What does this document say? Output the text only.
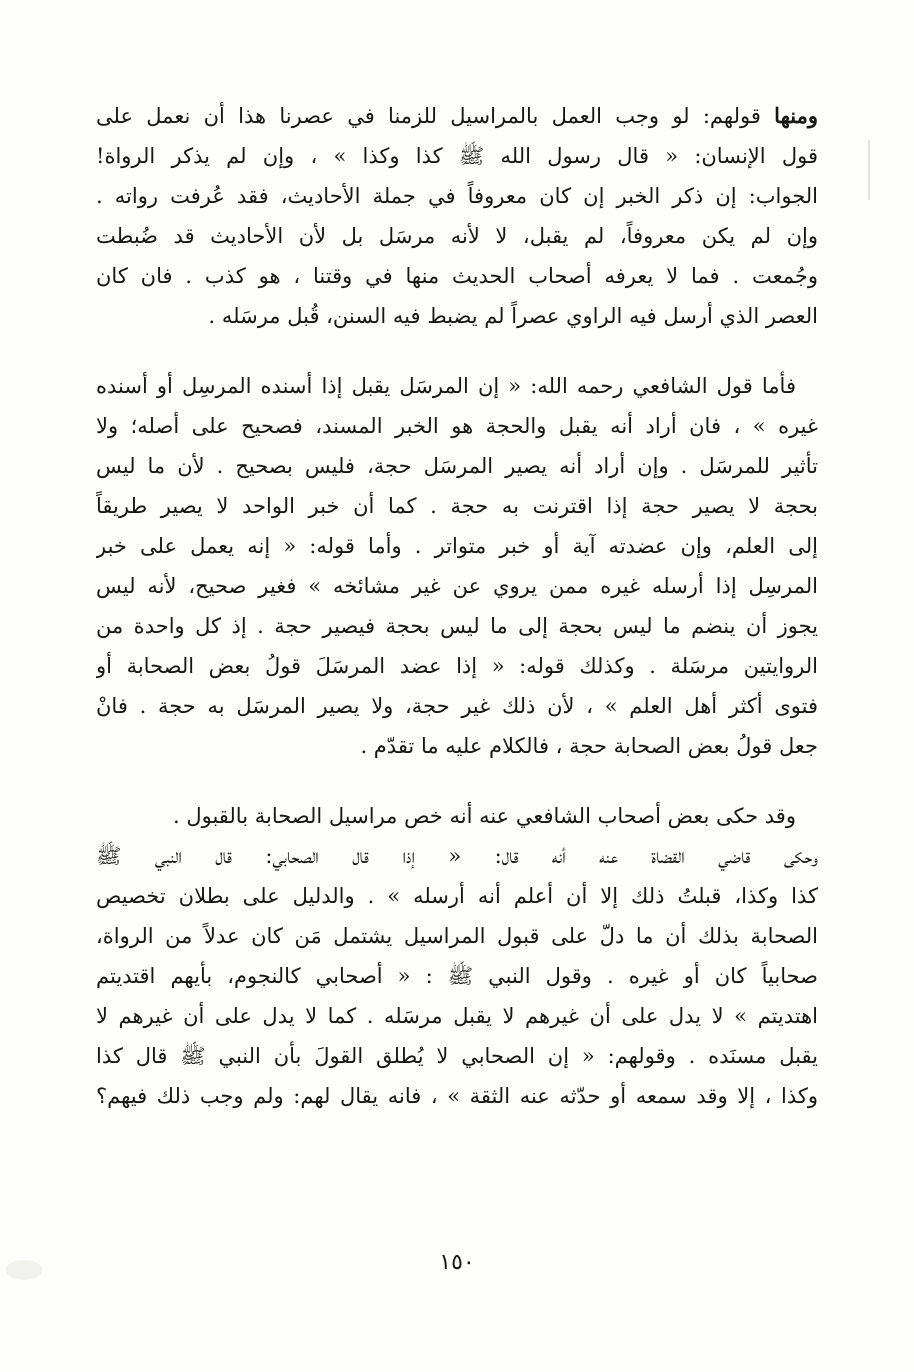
ومنها قولهم: لو وجب العمل بالمراسيل للزمنا في عصرنا هذا أن نعمل على
قول الإنسان: « قال رسول الله ﷺ كذا وكذا » ، وإن لم يذكر الرواة!
الجواب: إن ذكر الخبر إن كان معروفاً في جملة الأحاديث، فقد عُرفت رواته .
وإن لم يكن معروفاً، لم يقبل، لا لأنه مرسَل بل لأن الأحاديث قد ضُبطت
وجُمعت . فما لا يعرفه أصحاب الحديث منها في وقتنا ، هو كذب . فان كان
العصر الذي أرسل فيه الراوي عصراً لم يضبط فيه السنن، قُبل مرسَله .
فأما قول الشافعي رحمه الله: « إن المرسَل يقبل إذا أسنده المرسِل أو أسنده
غيره » ، فان أراد أنه يقبل والحجة هو الخبر المسند، فصحيح على أصله؛ ولا
تأثير للمرسَل . وإن أراد أنه يصير المرسَل حجة، فليس بصحيح . لأن ما ليس
بحجة لا يصير حجة إذا اقترنت به حجة . كما أن خبر الواحد لا يصير طريقاً
إلى العلم، وإن عضدته آية أو خبر متواتر . وأما قوله: « إنه يعمل على خبر
المرسِل إذا أرسله غيره ممن يروي عن غير مشائخه » فغير صحيح، لأنه ليس
يجوز أن ينضم ما ليس بحجة إلى ما ليس بحجة فيصير حجة . إذ كل واحدة من
الروايتين مرسَلة . وكذلك قوله: « إذا عضد المرسَلَ قولُ بعض الصحابة أو
فتوى أكثر أهل العلم » ، لأن ذلك غير حجة، ولا يصير المرسَل به حجة . فانْ
جعل قولُ بعض الصحابة حجة ، فالكلام عليه ما تقدّم .
وقد حكى بعض أصحاب الشافعي عنه أنه خص مراسيل الصحابة بالقبول .
وحكى قاضي القضاة عنه أنه قال: « إذا قال الصحابي: قال النبي ﷺ
كذا وكذا، قبلتُ ذلك إلا أن أعلم أنه أرسله » . والدليل على بطلان تخصيص
الصحابة بذلك أن ما دلّ على قبول المراسيل يشتمل مَن كان عدلاً من الرواة،
صحابياً كان أو غيره . وقول النبي ﷺ : « أصحابي كالنجوم، بأيهم اقتديتم
اهتديتم » لا يدل على أن غيرهم لا يقبل مرسَله . كما لا يدل على أن غيرهم لا
يقبل مسنَده . وقولهم: « إن الصحابي لا يُطلق القولَ بأن النبي ﷺ قال كذا
وكذا ، إلا وقد سمعه أو حدّثه عنه الثقة » ، فانه يقال لهم: ولم وجب ذلك فيهم؟
١٥٠
